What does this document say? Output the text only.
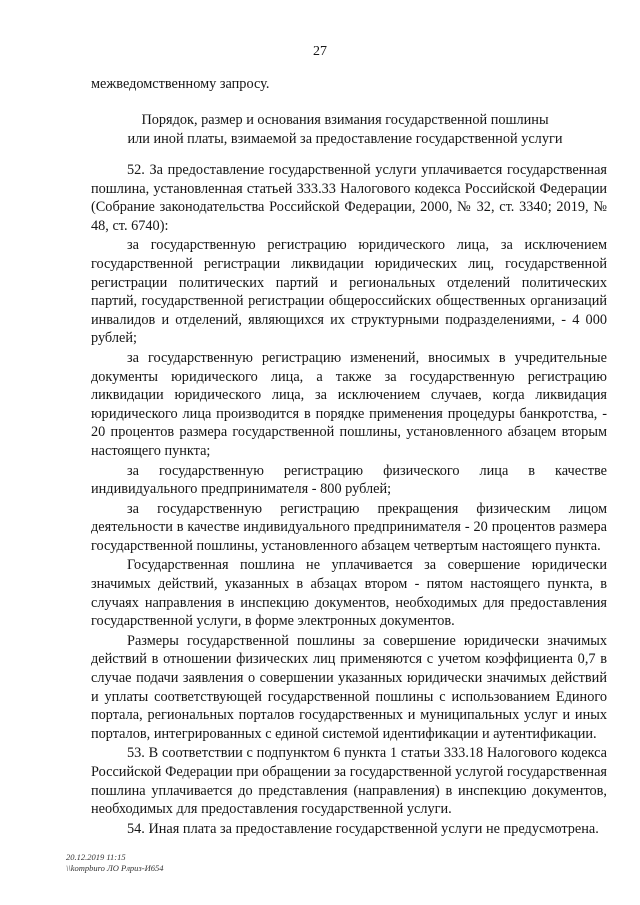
27
межведомственному запросу.
Порядок, размер и основания взимания государственной пошлины
или иной платы, взимаемой за предоставление государственной услуги

52. За предоставление государственной услуги уплачивается государственная пошлина, установленная статьей 333.33 Налогового кодекса Российской Федерации (Собрание законодательства Российской Федерации, 2000, № 32, ст. 3340; 2019, № 48, ст. 6740):

за государственную регистрацию юридического лица, за исключением государственной регистрации ликвидации юридических лиц, государственной регистрации политических партий и региональных отделений политических партий, государственной регистрации общероссийских общественных организаций инвалидов и отделений, являющихся их структурными подразделениями, - 4 000 рублей;

за государственную регистрацию изменений, вносимых в учредительные документы юридического лица, а также за государственную регистрацию ликвидации юридического лица, за исключением случаев, когда ликвидация юридического лица производится в порядке применения процедуры банкротства, - 20 процентов размера государственной пошлины, установленного абзацем вторым настоящего пункта;

за государственную регистрацию физического лица в качестве индивидуального предпринимателя - 800 рублей;

за государственную регистрацию прекращения физическим лицом деятельности в качестве индивидуального предпринимателя - 20 процентов размера государственной пошлины, установленного абзацем четвертым настоящего пункта.

Государственная пошлина не уплачивается за совершение юридически значимых действий, указанных в абзацах втором - пятом настоящего пункта, в случаях направления в инспекцию документов, необходимых для предоставления государственной услуги, в форме электронных документов.

Размеры государственной пошлины за совершение юридически значимых действий в отношении физических лиц применяются с учетом коэффициента 0,7 в случае подачи заявления о совершении указанных юридически значимых действий и уплаты соответствующей государственной пошлины с использованием Единого портала, региональных порталов государственных и муниципальных услуг и иных порталов, интегрированных с единой системой идентификации и аутентификации.

53. В соответствии с подпунктом 6 пункта 1 статьи 333.18 Налогового кодекса Российской Федерации при обращении за государственной услугой государственная пошлина уплачивается до представления (направления) в инспекцию документов, необходимых для предоставления государственной услуги.

54. Иная плата за предоставление государственной услуги не предусмотрена.

20.12.2019 11:15
\\kompburo ЛО Рлриз-И654
